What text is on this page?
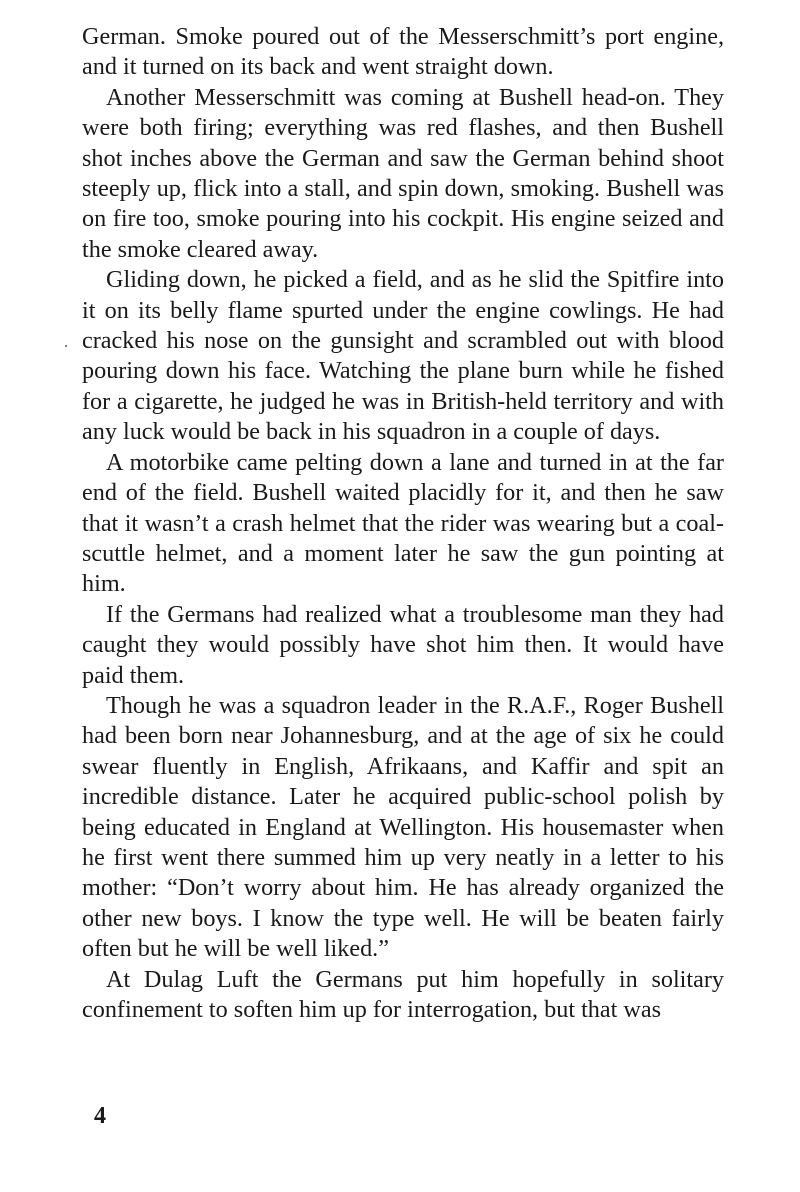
German. Smoke poured out of the Messerschmitt’s port engine, and it turned on its back and went straight down.

Another Messerschmitt was coming at Bushell head-on. They were both firing; everything was red flashes, and then Bushell shot inches above the German and saw the German behind shoot steeply up, flick into a stall, and spin down, smoking. Bushell was on fire too, smoke pouring into his cockpit. His engine seized and the smoke cleared away.

Gliding down, he picked a field, and as he slid the Spitfire into it on its belly flame spurted under the engine cowlings. He had cracked his nose on the gunsight and scrambled out with blood pouring down his face. Watching the plane burn while he fished for a cigarette, he judged he was in British-held territory and with any luck would be back in his squadron in a couple of days.

A motorbike came pelting down a lane and turned in at the far end of the field. Bushell waited placidly for it, and then he saw that it wasn’t a crash helmet that the rider was wearing but a coal-scuttle helmet, and a moment later he saw the gun pointing at him.

If the Germans had realized what a troublesome man they had caught they would possibly have shot him then. It would have paid them.

Though he was a squadron leader in the R.A.F., Roger Bushell had been born near Johannesburg, and at the age of six he could swear fluently in English, Afrikaans, and Kaffir and spit an incredible distance. Later he acquired public-school polish by being educated in England at Wellington. His housemaster when he first went there summed him up very neatly in a letter to his mother: “Don’t worry about him. He has already organized the other new boys. I know the type well. He will be beaten fairly often but he will be well liked.”

At Dulag Luft the Germans put him hopefully in solitary confinement to soften him up for interrogation, but that was

4
